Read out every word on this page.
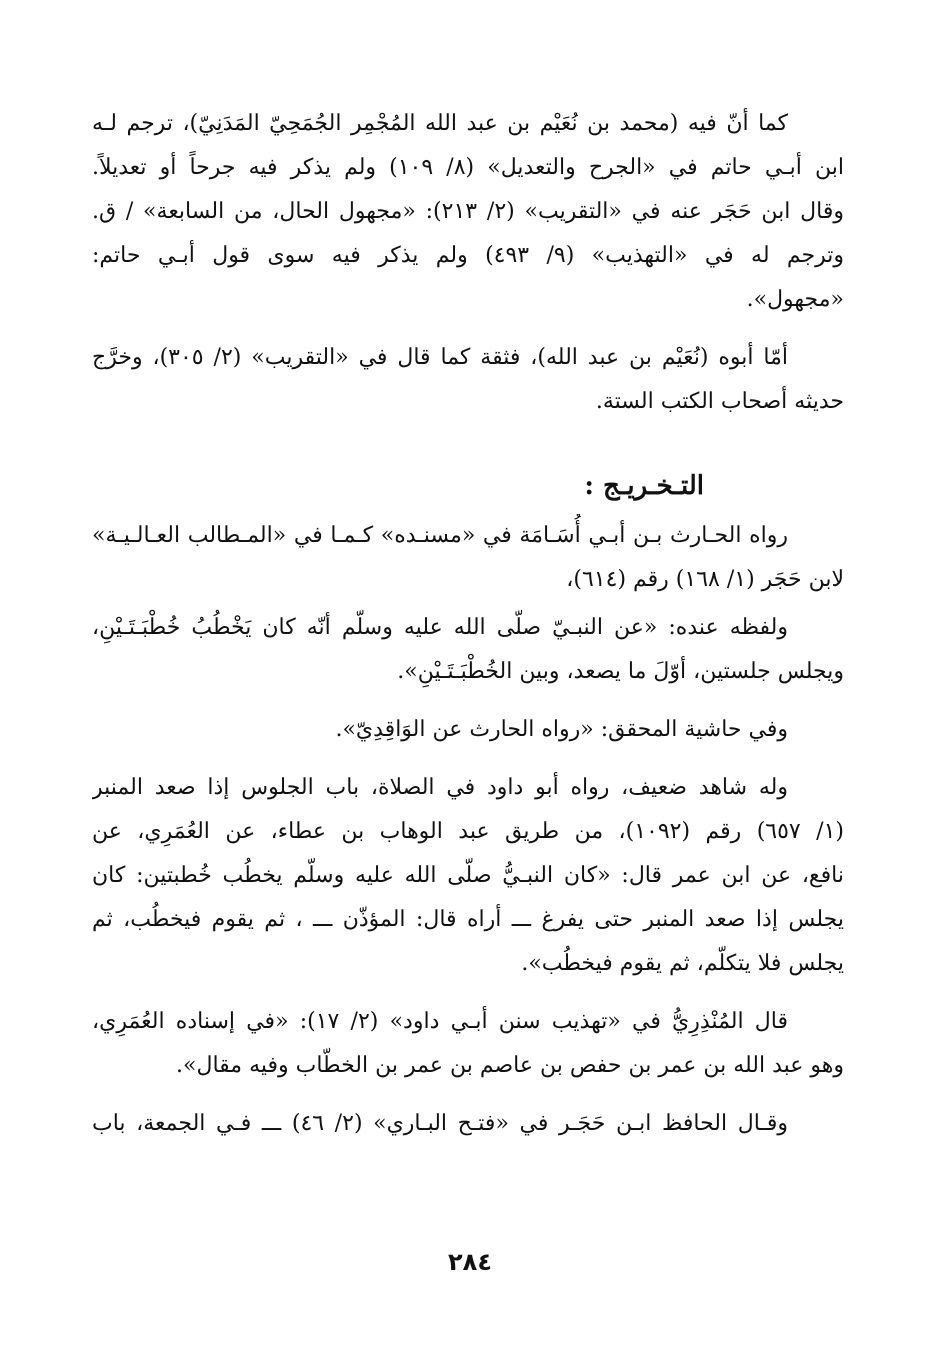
كما أنّ فيه (محمد بن نُعَيْم بن عبد الله المُجْمِر الجُمَحِيّ المَدَنِيّ)، ترجم لـه
ابن أبـي حاتم في «الجرح والتعديل» (٨/ ١٠٩) ولم يذكر فيه جرحاً أو تعديلاً.
وقال ابن حَجَر عنه في «التقريب» (٢/ ٢١٣): «مجهول الحال، من السابعة» / ق.
وترجم له في «التهذيب» (٩/ ٤٩٣) ولم يذكر فيه سوى قول أبـي حاتم:
«مجهول».
أمّا أبوه (نُعَيْم بن عبد الله)، فثقة كما قال في «التقريب» (٢/ ٣٠٥)، وخرَّج
حديثه أصحاب الكتب الستة.
التـخـريـج :
رواه الحـارث بـن أبـي أُسَـامَة في «مسنـده» كـمـا في «المـطالب العـالـيـة»
لابن حَجَر (١/ ١٦٨) رقم (٦١٤)،
ولفظه عنده: «عن النبـيّ صلّى الله عليه وسلّم أنّه كان يَخْطُبُ خُطْبَـتَـيْنِ،
ويجلس جلستين، أوّلَ ما يصعد، وبين الخُطْبَـتَـيْنِ».
وفي حاشية المحقق: «رواه الحارث عن الوَاقِدِيّ».
وله شاهد ضعيف، رواه أبو داود في الصلاة، باب الجلوس إذا صعد المنبر
(١/ ٦٥٧) رقم (١٠٩٢)، من طريق عبد الوهاب بن عطاء، عن العُمَرِي، عن
نافع، عن ابن عمر قال: «كان النبـيُّ صلّى الله عليه وسلّم يخطُب خُطبتين: كان
يجلس إذا صعد المنبر حتى يفرغ ـــ أراه قال: المؤذّن ـــ ، ثم يقوم فيخطُب، ثم
يجلس فلا يتكلّم، ثم يقوم فيخطُب».
قال المُنْذِرِيُّ في «تهذيب سنن أبـي داود» (٢/ ١٧): «في إسناده العُمَرِي،
وهو عبد الله بن عمر بن حفص بن عاصم بن عمر بن الخطّاب وفيه مقال».
وقـال الحافظ ابـن حَجَـر في «فتـح البـاري» (٢/ ٤٦) ـــ فـي الجمعة، باب
٢٨٤
